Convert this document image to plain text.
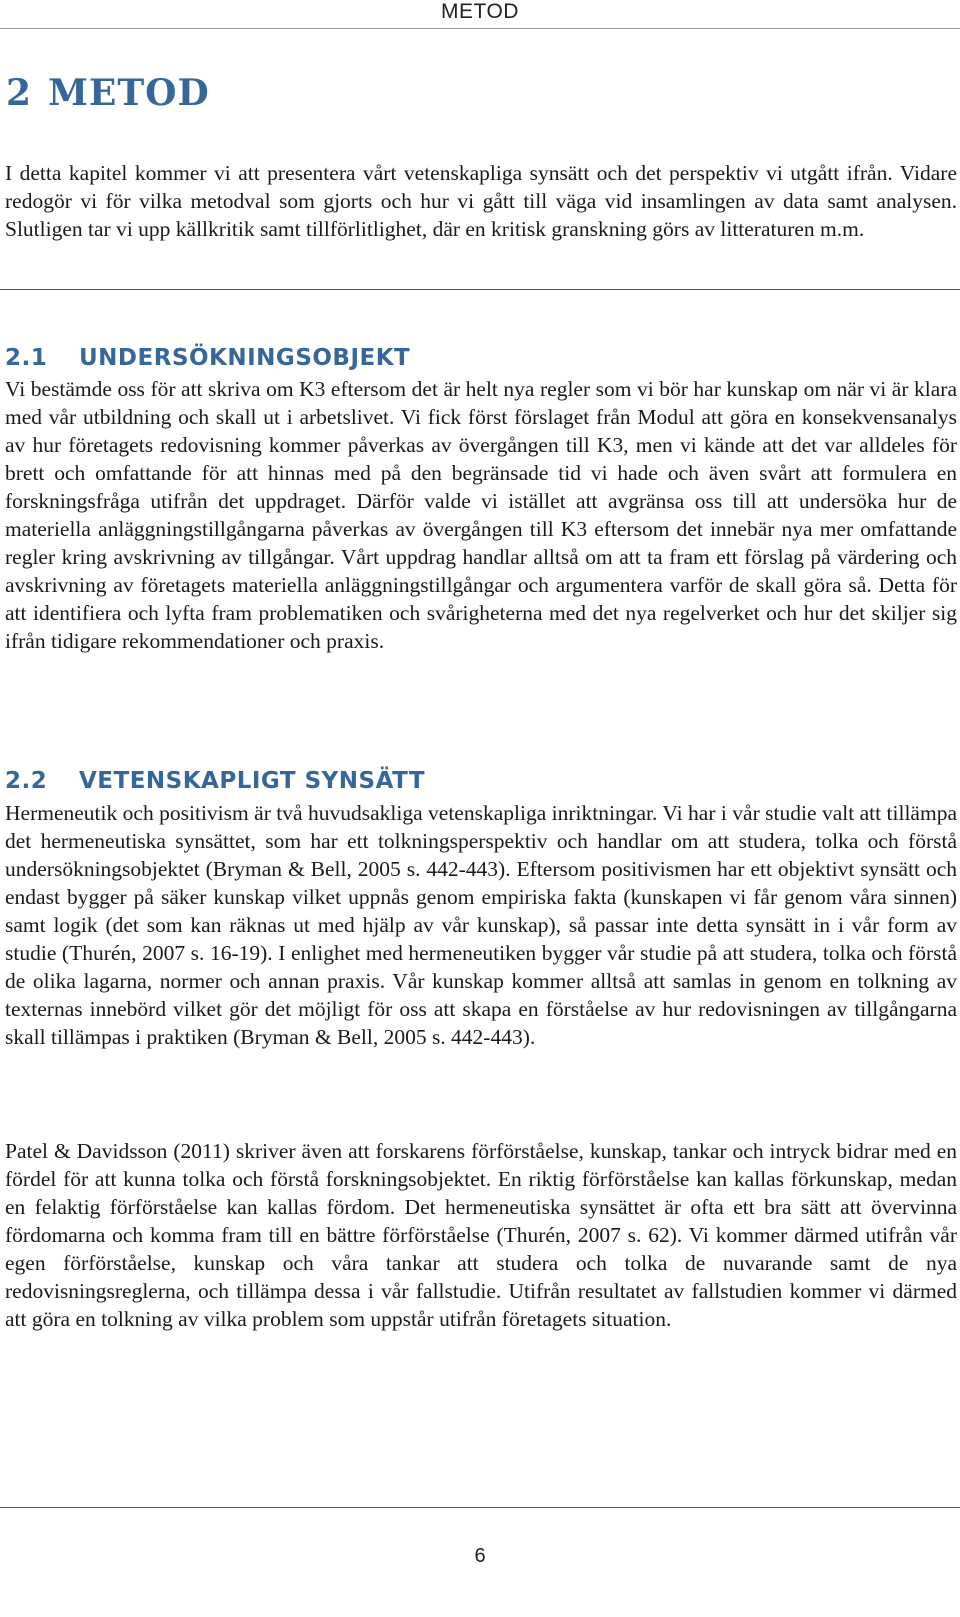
METOD
2 METOD

I detta kapitel kommer vi att presentera vårt vetenskapliga synsätt och det perspektiv vi utgått ifrån. Vidare redogör vi för vilka metodval som gjorts och hur vi gått till väga vid insamlingen av data samt analysen. Slutligen tar vi upp källkritik samt tillförlitlighet, där en kritisk granskning görs av litteraturen m.m.

2.1 UNDERSÖKNINGSOBJEKT

Vi bestämde oss för att skriva om K3 eftersom det är helt nya regler som vi bör har kunskap om när vi är klara med vår utbildning och skall ut i arbetslivet. Vi fick först förslaget från Modul att göra en konsekvensanalys av hur företagets redovisning kommer påverkas av övergången till K3, men vi kände att det var alldeles för brett och omfattande för att hinnas med på den begränsade tid vi hade och även svårt att formulera en forskningsfråga utifrån det uppdraget. Därför valde vi istället att avgränsa oss till att undersöka hur de materiella anläggningstillgångarna påverkas av övergången till K3 eftersom det innebär nya mer omfattande regler kring avskrivning av tillgångar. Vårt uppdrag handlar alltså om att ta fram ett förslag på värdering och avskrivning av företagets materiella anläggningstillgångar och argumentera varför de skall göra så. Detta för att identifiera och lyfta fram problematiken och svårigheterna med det nya regelverket och hur det skiljer sig ifrån tidigare rekommendationer och praxis.

2.2 VETENSKAPLIGT SYNSÄTT

Hermeneutik och positivism är två huvudsakliga vetenskapliga inriktningar. Vi har i vår studie valt att tillämpa det hermeneutiska synsättet, som har ett tolkningsperspektiv och handlar om att studera, tolka och förstå undersökningsobjektet (Bryman & Bell, 2005 s. 442-443). Eftersom positivismen har ett objektivt synsätt och endast bygger på säker kunskap vilket uppnås genom empiriska fakta (kunskapen vi får genom våra sinnen) samt logik (det som kan räknas ut med hjälp av vår kunskap), så passar inte detta synsätt in i vår form av studie (Thurén, 2007 s. 16-19). I enlighet med hermeneutiken bygger vår studie på att studera, tolka och förstå de olika lagarna, normer och annan praxis. Vår kunskap kommer alltså att samlas in genom en tolkning av texternas innebörd vilket gör det möjligt för oss att skapa en förståelse av hur redovisningen av tillgångarna skall tillämpas i praktiken (Bryman & Bell, 2005 s. 442-443).

Patel & Davidsson (2011) skriver även att forskarens förförståelse, kunskap, tankar och intryck bidrar med en fördel för att kunna tolka och förstå forskningsobjektet. En riktig förförståelse kan kallas förkunskap, medan en felaktig förförståelse kan kallas fördom. Det hermeneutiska synsättet är ofta ett bra sätt att övervinna fördomarna och komma fram till en bättre förförståelse (Thurén, 2007 s. 62). Vi kommer därmed utifrån vår egen förförståelse, kunskap och våra tankar att studera och tolka de nuvarande samt de nya redovisningsreglerna, och tillämpa dessa i vår fallstudie. Utifrån resultatet av fallstudien kommer vi därmed att göra en tolkning av vilka problem som uppstår utifrån företagets situation.

6
